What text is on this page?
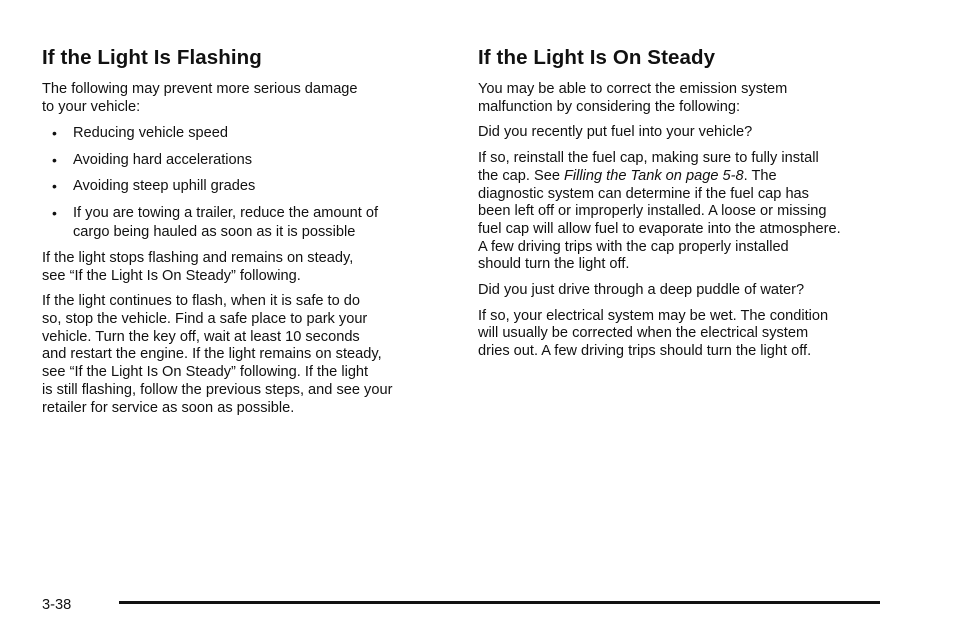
If the Light Is Flashing

The following may prevent more serious damage
to your vehicle:

• Reducing vehicle speed
• Avoiding hard accelerations
• Avoiding steep uphill grades
• If you are towing a trailer, reduce the amount of
cargo being hauled as soon as it is possible

If the light stops flashing and remains on steady,
see “If the Light Is On Steady” following.

If the light continues to flash, when it is safe to do
so, stop the vehicle. Find a safe place to park your
vehicle. Turn the key off, wait at least 10 seconds
and restart the engine. If the light remains on steady,
see “If the Light Is On Steady” following. If the light
is still flashing, follow the previous steps, and see your
retailer for service as soon as possible.

If the Light Is On Steady

You may be able to correct the emission system
malfunction by considering the following:

Did you recently put fuel into your vehicle?

If so, reinstall the fuel cap, making sure to fully install
the cap. See Filling the Tank on page 5-8. The
diagnostic system can determine if the fuel cap has
been left off or improperly installed. A loose or missing
fuel cap will allow fuel to evaporate into the atmosphere.
A few driving trips with the cap properly installed
should turn the light off.

Did you just drive through a deep puddle of water?

If so, your electrical system may be wet. The condition
will usually be corrected when the electrical system
dries out. A few driving trips should turn the light off.

3-38
